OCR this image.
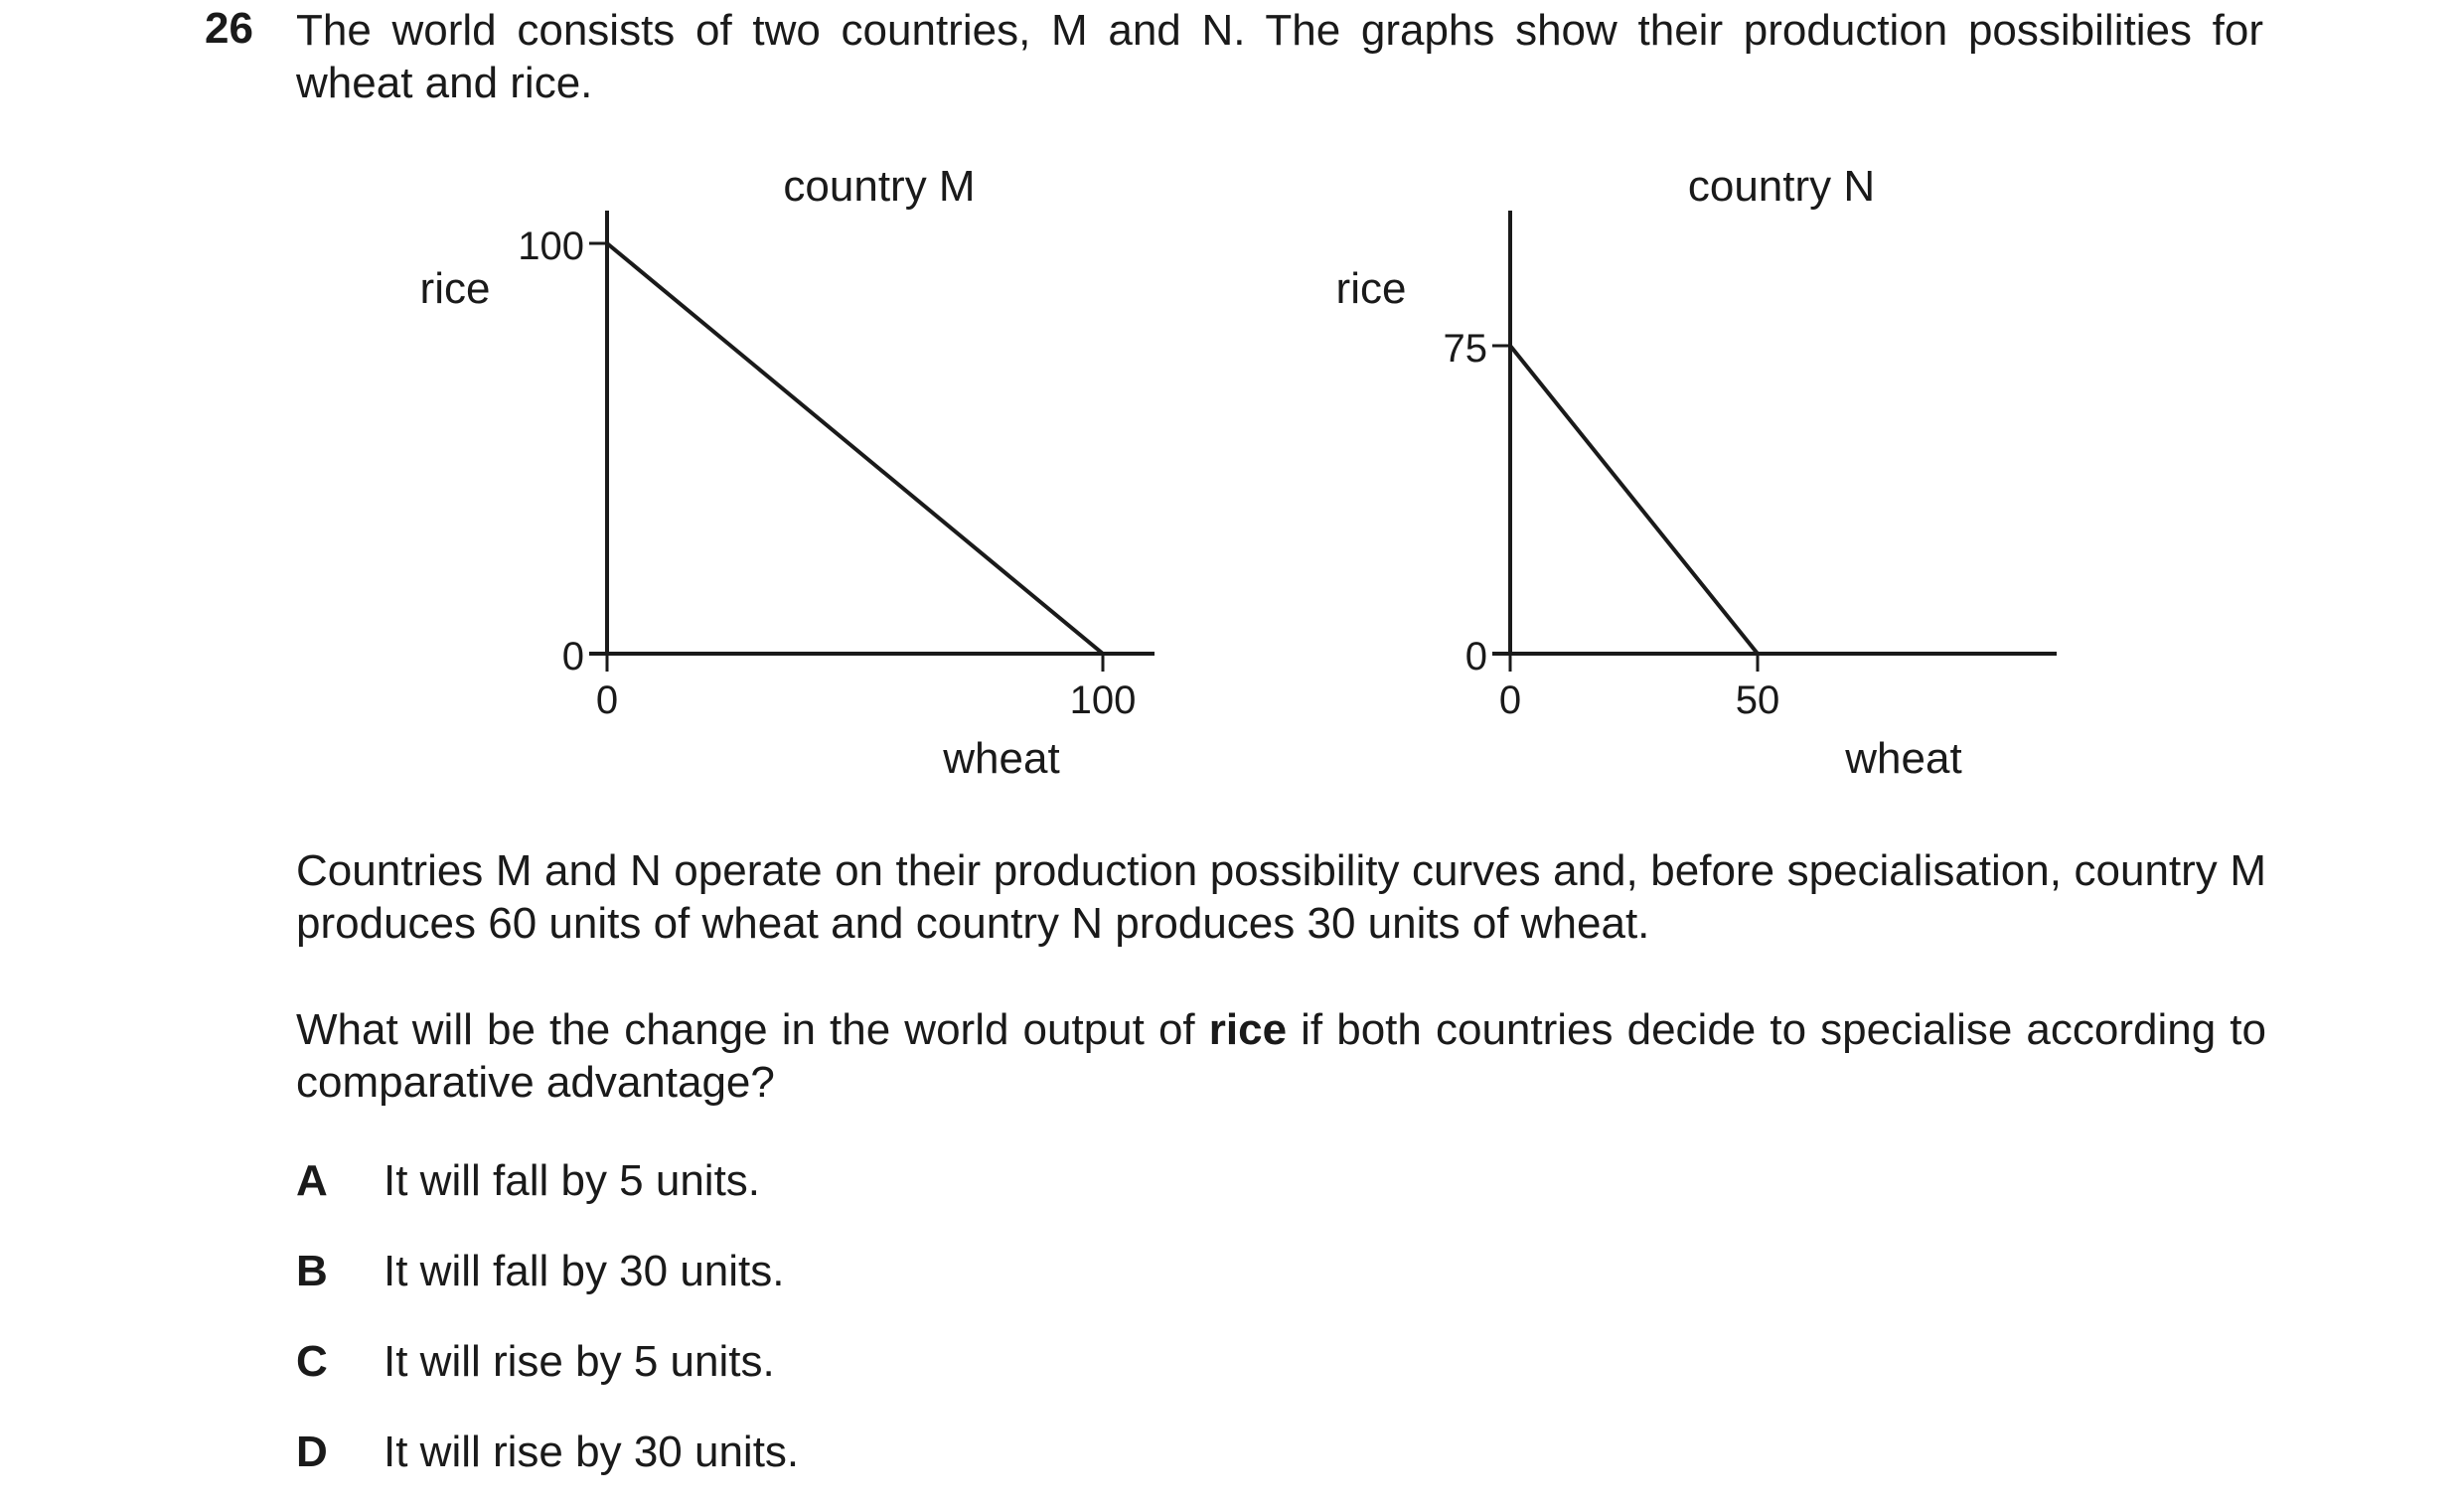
26 The world consists of two countries, M and N. The graphs show their production possibilities for wheat and rice.
country M
rice
wheat
0
100
0	100
country N
rice
wheat
0
75
0	50
Countries M and N operate on their production possibility curves and, before specialisation, country M produces 60 units of wheat and country N produces 30 units of wheat.
What will be the change in the world output of rice if both countries decide to specialise according to comparative advantage?
A It will fall by 5 units.
B It will fall by 30 units.
C It will rise by 5 units.
D It will rise by 30 units.
